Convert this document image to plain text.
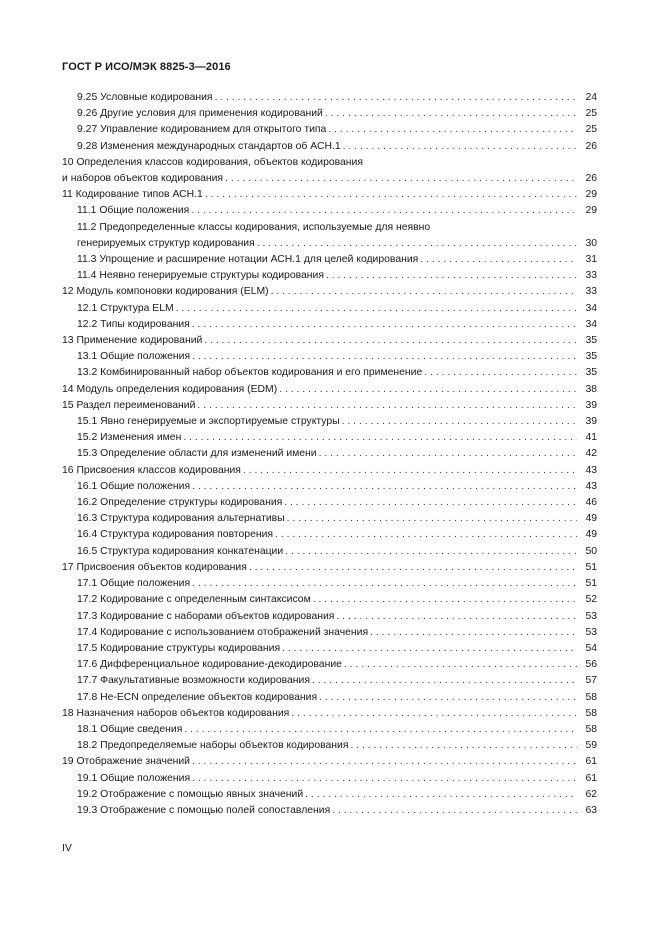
ГОСТ Р ИСО/МЭК 8825-3—2016
9.25 Условные кодирования . . .	24
9.26 Другие условия для применения кодирований . . .	25
9.27 Управление кодированием для открытого типа . . .	25
9.28 Изменения международных стандартов об АСН.1 . . .	26
10 Определения классов кодирования, объектов кодирования
и наборов объектов кодирования . . .	26
11 Кодирование типов АСН.1 . . .	29
11.1 Общие положения . . .	29
11.2 Предопределенные классы кодирования, используемые для неявно
генерируемых структур кодирования . . .	30
11.3 Упрощение и расширение нотации АСН.1 для целей кодирования . . .	31
11.4 Неявно генерируемые структуры кодирования . . .	33
12 Модуль компоновки кодирования (ELM) . . .	33
12.1 Структура ELM . . .	34
12.2 Типы кодирования . . .	34
13 Применение кодирований . . .	35
13.1 Общие положения . . .	35
13.2 Комбинированный набор объектов кодирования и его применение . . .	35
14 Модуль определения кодирования (EDM) . . .	38
15 Раздел переименований . . .	39
15.1 Явно генерируемые и экспортируемые структуры . . .	39
15.2 Изменения имен . . .	41
15.3 Определение области для изменений имени . . .	42
16 Присвоения классов кодирования . . .	43
16.1 Общие положения . . .	43
16.2 Определение структуры кодирования . . .	46
16.3 Структура кодирования альтернативы . . .	49
16.4 Структура кодирования повторения . . .	49
16.5 Структура кодирования конкатенации . . .	50
17 Присвоения объектов кодирования . . .	51
17.1 Общие положения . . .	51
17.2 Кодирование с определенным синтаксисом . . .	52
17.3 Кодирование с наборами объектов кодирования . . .	53
17.4 Кодирование с использованием отображений значения . . .	53
17.5 Кодирование структуры кодирования . . .	54
17.6 Дифференциальное кодирование-декодирование . . .	56
17.7 Факультативные возможности кодирования . . .	57
17.8 Не-ECN определение объектов кодирования . . .	58
18 Назначения наборов объектов кодирования . . .	58
18.1 Общие сведения . . .	58
18.2 Предопределяемые наборы объектов кодирования . . .	59
19 Отображение значений . . .	61
19.1 Общие положения . . .	61
19.2 Отображение с помощью явных значений . . .	62
19.3 Отображение с помощью полей сопоставления . . .	63
IV
